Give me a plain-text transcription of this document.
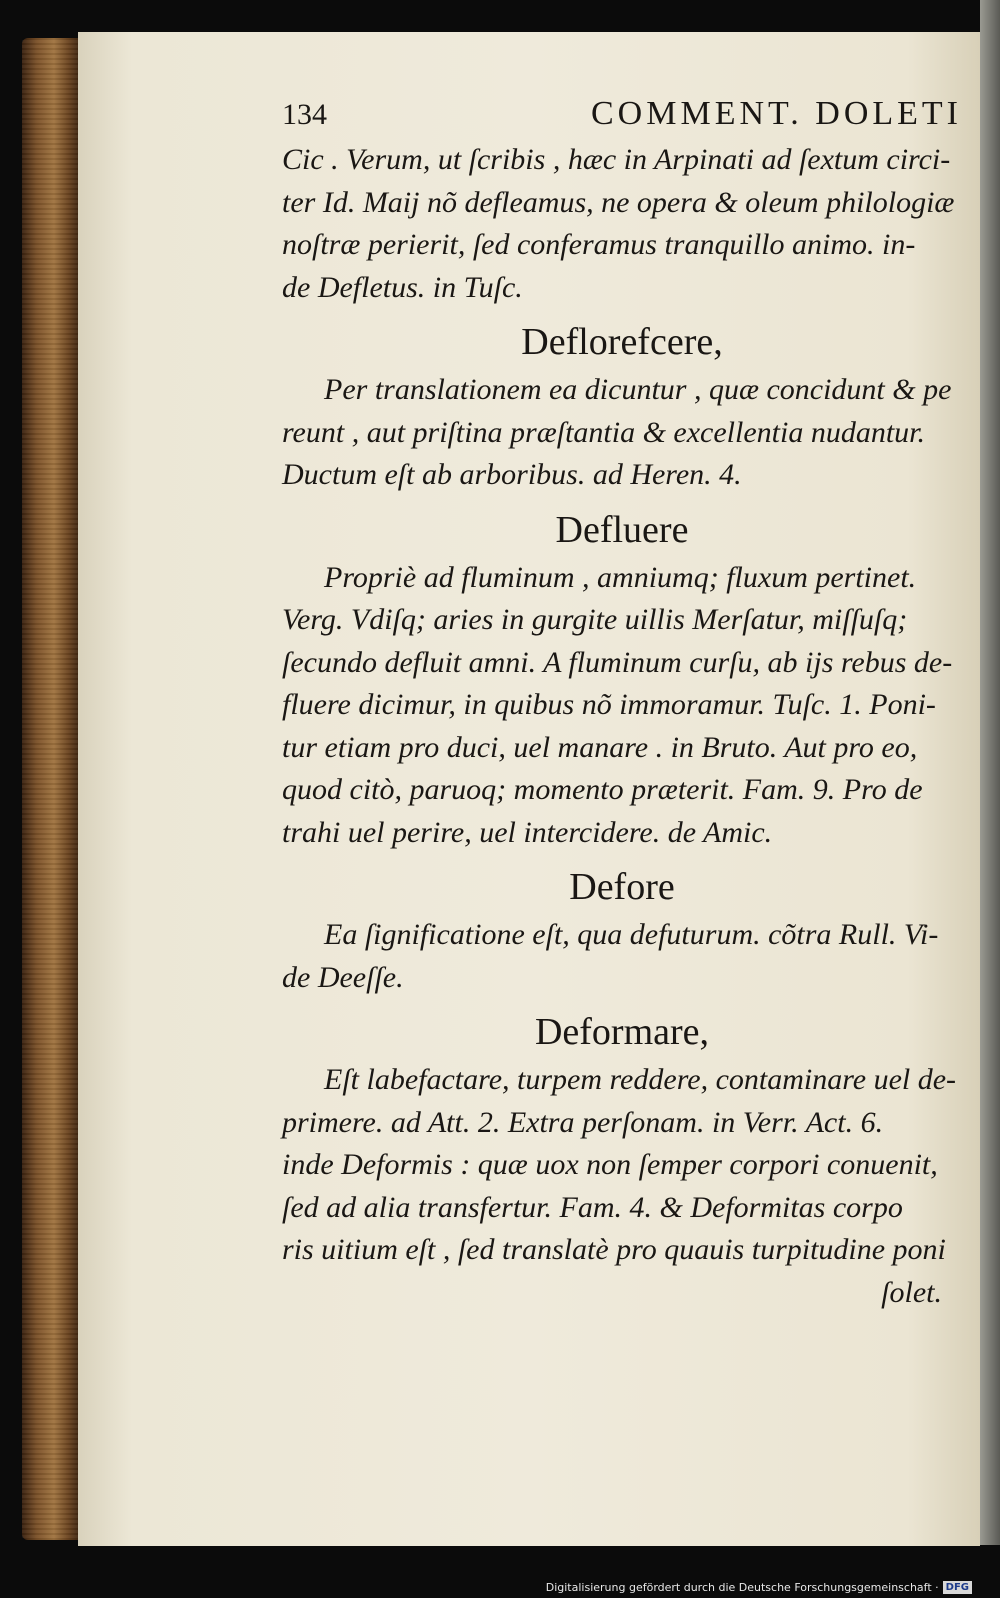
134	COMMENT. DOLETI
Cic . Verum, ut ſcribis , hæc in Arpinati ad ſextum circi-
ter Id. Maij nõ defleamus, ne opera & oleum philologiæ
noſtræ perierit, ſed conferamus tranquillo animo. in-
de Defletus. in Tuſc.
Deflorefcere,
Per translationem ea dicuntur , quæ concidunt & pe
reunt , aut priſtina præſtantia & excellentia nudantur.
Ductum eſt ab arboribus. ad Heren. 4.
Defluere
Propriè ad fluminum , amniumq; fluxum pertinet.
Verg. Vdiſq; aries in gurgite uillis Merſatur, miſſuſq;
ſecundo defluit amni. A fluminum curſu, ab ijs rebus de-
fluere dicimur, in quibus nõ immoramur. Tuſc. 1. Poni-
tur etiam pro duci, uel manare . in Bruto. Aut pro eo,
quod citò, paruoq; momento præterit. Fam. 9. Pro de
trahi uel perire, uel intercidere. de Amic.
Defore
Ea ſignificatione eſt, qua defuturum. cõtra Rull. Vi-
de Deeſſe.
Deformare,
Eſt labefactare, turpem reddere, contaminare uel de-
primere. ad Att. 2. Extra perſonam. in Verr. Act. 6.
inde Deformis : quæ uox non ſemper corpori conuenit,
ſed ad alia transfertur. Fam. 4. & Deformitas corpo
ris uitium eſt , ſed translatè pro quauis turpitudine poni
ſolet.
Digitalisierung gefördert durch die Deutsche Forschungsgemeinschaft · DFG
